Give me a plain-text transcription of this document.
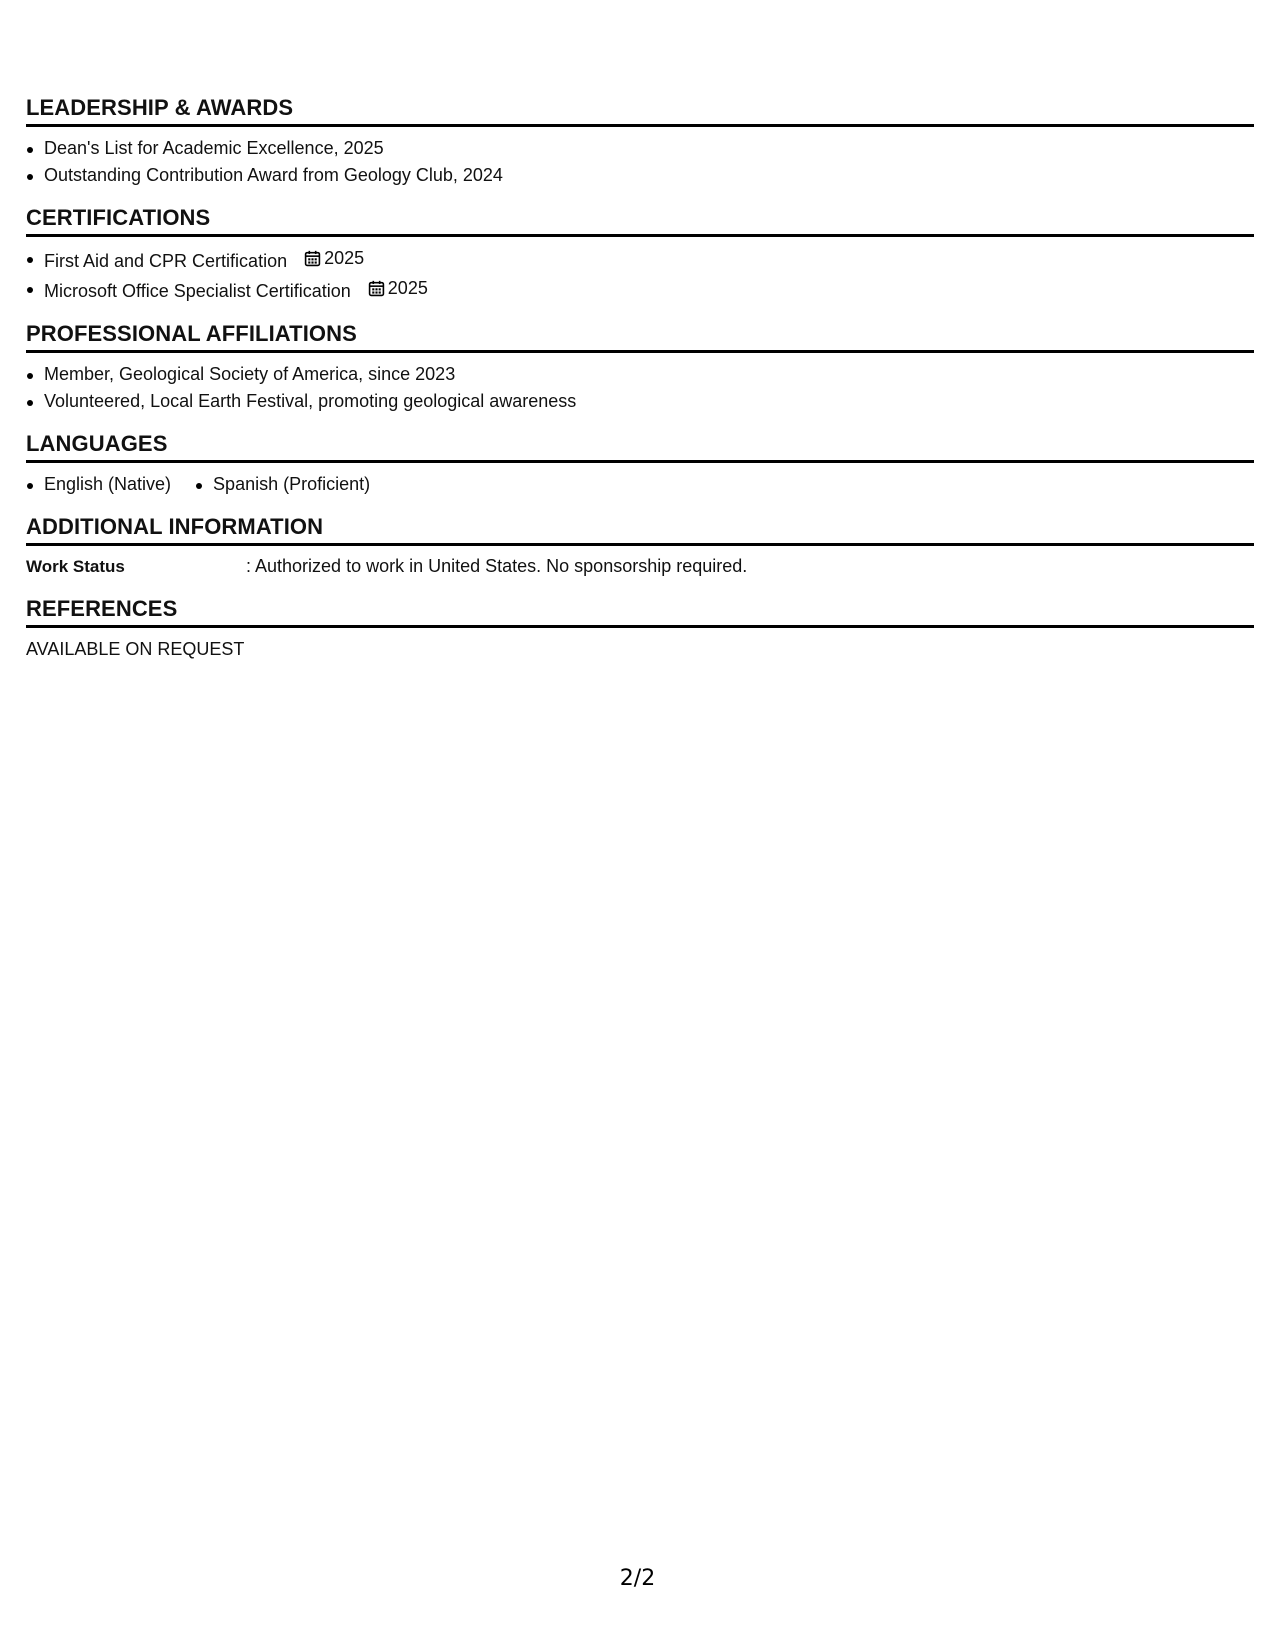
LEADERSHIP & AWARDS
Dean's List for Academic Excellence, 2025
Outstanding Contribution Award from Geology Club, 2024
CERTIFICATIONS
First Aid and CPR Certification 2025
Microsoft Office Specialist Certification 2025
PROFESSIONAL AFFILIATIONS
Member, Geological Society of America, since 2023
Volunteered, Local Earth Festival, promoting geological awareness
LANGUAGES
English (Native)	Spanish (Proficient)
ADDITIONAL INFORMATION
Work Status	: Authorized to work in United States. No sponsorship required.
REFERENCES
AVAILABLE ON REQUEST
2/2
